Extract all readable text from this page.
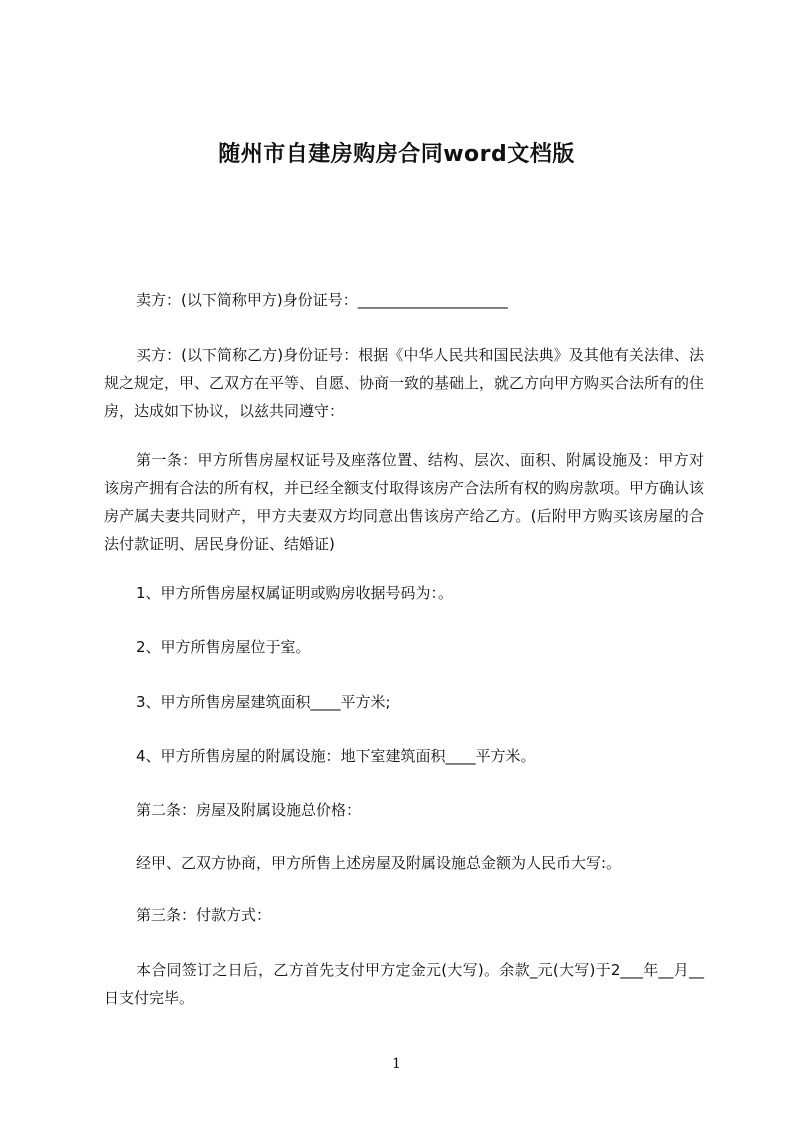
随州市自建房购房合同word文档版
卖方：(以下简称甲方)身份证号：____________________
买方：(以下简称乙方)身份证号：根据《中华人民共和国民法典》及其他有关法律、法规之规定，甲、乙双方在平等、自愿、协商一致的基础上，就乙方向甲方购买合法所有的住房，达成如下协议，以兹共同遵守：
第一条：甲方所售房屋权证号及座落位置、结构、层次、面积、附属设施及：甲方对该房产拥有合法的所有权，并已经全额支付取得该房产合法所有权的购房款项。甲方确认该房产属夫妻共同财产，甲方夫妻双方均同意出售该房产给乙方。(后附甲方购买该房屋的合法付款证明、居民身份证、结婚证)
1、甲方所售房屋权属证明或购房收据号码为：。
2、甲方所售房屋位于室。
3、甲方所售房屋建筑面积____平方米;
4、甲方所售房屋的附属设施：地下室建筑面积____平方米。
第二条：房屋及附属设施总价格：
经甲、乙双方协商，甲方所售上述房屋及附属设施总金额为人民币大写:。
第三条：付款方式：
本合同签订之日后，乙方首先支付甲方定金元(大写)。余款_元(大写)于2___年__月__日支付完毕。
1
